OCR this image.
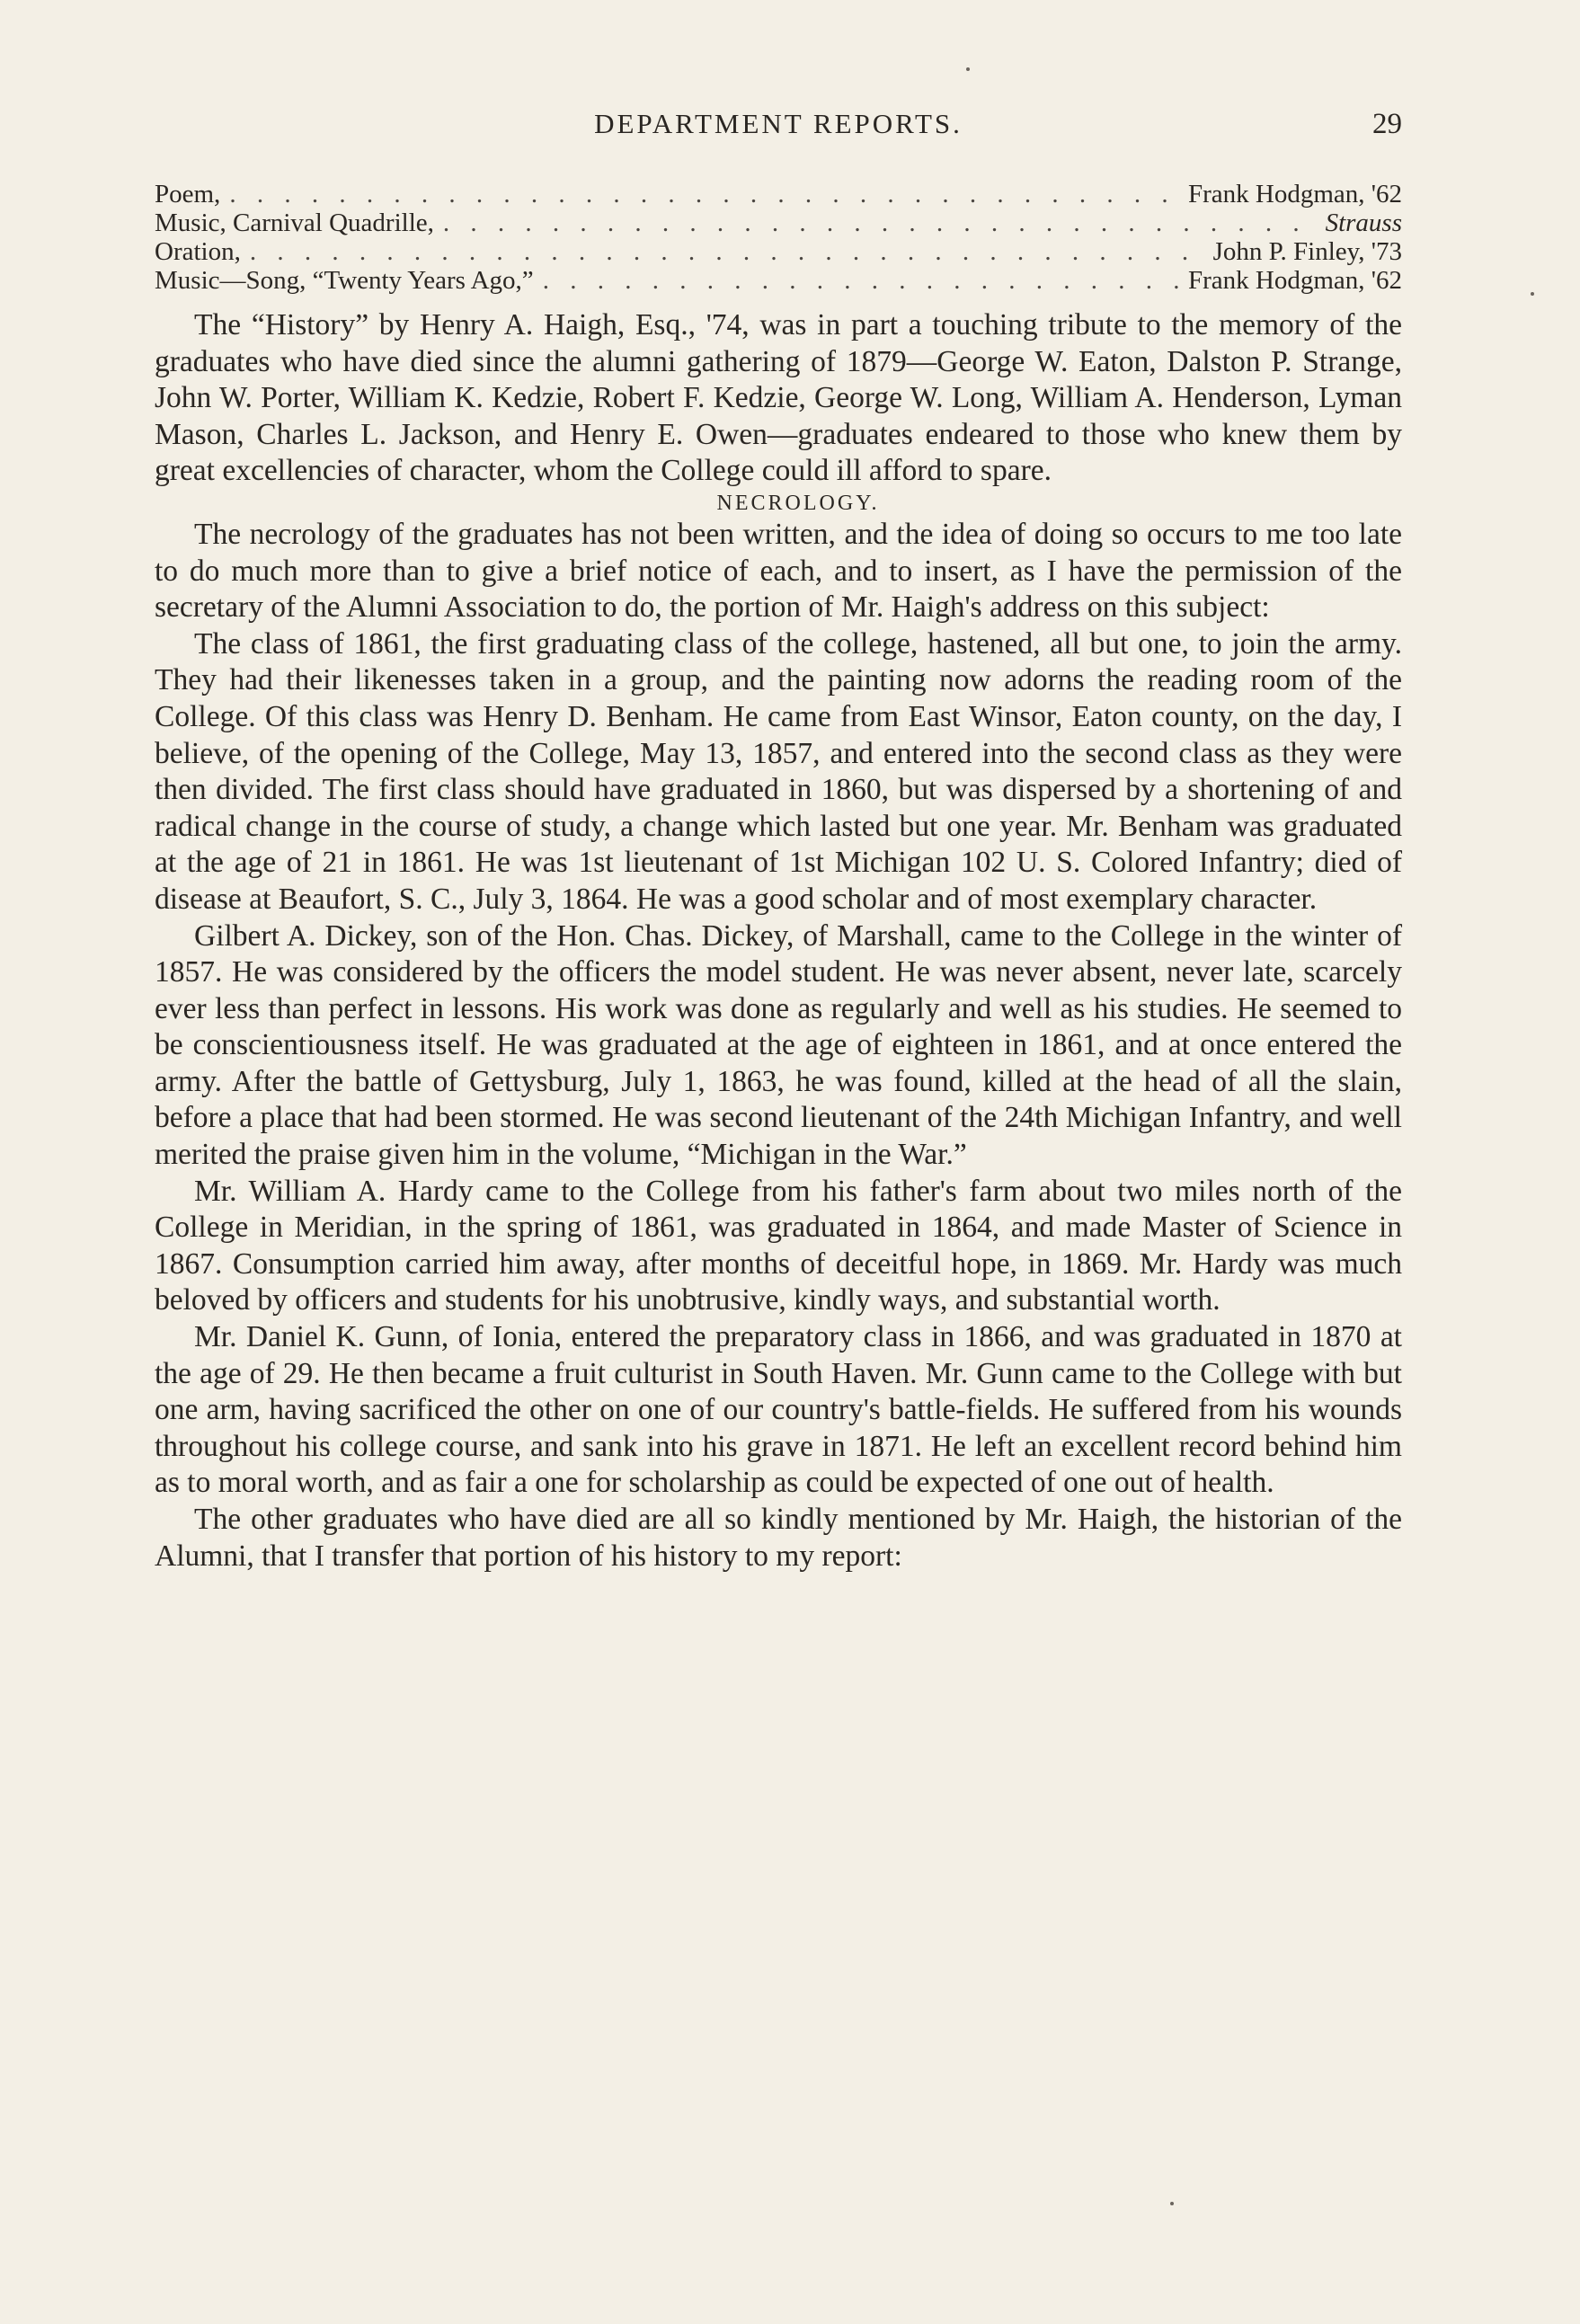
DEPARTMENT REPORTS.	29
Poem, . . .	Frank Hodgman, '62
Music, Carnival Quadrille, . . .	Strauss
Oration, . . .	John P. Finley, '73
Music—Song, “Twenty Years Ago,” . . .	Frank Hodgman, '62

The “History” by Henry A. Haigh, Esq., '74, was in part a touching tribute to the memory of the graduates who have died since the alumni gathering of 1879—George W. Eaton, Dalston P. Strange, John W. Porter, William K. Kedzie, Robert F. Kedzie, George W. Long, William A. Henderson, Lyman Mason, Charles L. Jackson, and Henry E. Owen—graduates endeared to those who knew them by great excellencies of character, whom the College could ill afford to spare.

NECROLOGY.

The necrology of the graduates has not been written, and the idea of doing so occurs to me too late to do much more than to give a brief notice of each, and to insert, as I have the permission of the secretary of the Alumni Association to do, the portion of Mr. Haigh's address on this subject:

The class of 1861, the first graduating class of the college, hastened, all but one, to join the army. They had their likenesses taken in a group, and the painting now adorns the reading room of the College. Of this class was Henry D. Benham. He came from East Winsor, Eaton county, on the day, I believe, of the opening of the College, May 13, 1857, and entered into the second class as they were then divided. The first class should have graduated in 1860, but was dispersed by a shortening of and radical change in the course of study, a change which lasted but one year. Mr. Benham was graduated at the age of 21 in 1861. He was 1st lieutenant of 1st Michigan 102 U. S. Colored Infantry; died of disease at Beaufort, S. C., July 3, 1864. He was a good scholar and of most exemplary character.

Gilbert A. Dickey, son of the Hon. Chas. Dickey, of Marshall, came to the College in the winter of 1857. He was considered by the officers the model student. He was never absent, never late, scarcely ever less than perfect in lessons. His work was done as regularly and well as his studies. He seemed to be conscientiousness itself. He was graduated at the age of eighteen in 1861, and at once entered the army. After the battle of Gettysburg, July 1, 1863, he was found, killed at the head of all the slain, before a place that had been stormed. He was second lieutenant of the 24th Michigan Infantry, and well merited the praise given him in the volume, “Michigan in the War.”

Mr. William A. Hardy came to the College from his father's farm about two miles north of the College in Meridian, in the spring of 1861, was graduated in 1864, and made Master of Science in 1867. Consumption carried him away, after months of deceitful hope, in 1869. Mr. Hardy was much beloved by officers and students for his unobtrusive, kindly ways, and substantial worth.

Mr. Daniel K. Gunn, of Ionia, entered the preparatory class in 1866, and was graduated in 1870 at the age of 29. He then became a fruit culturist in South Haven. Mr. Gunn came to the College with but one arm, having sacrificed the other on one of our country's battle-fields. He suffered from his wounds throughout his college course, and sank into his grave in 1871. He left an excellent record behind him as to moral worth, and as fair a one for scholarship as could be expected of one out of health.

The other graduates who have died are all so kindly mentioned by Mr. Haigh, the historian of the Alumni, that I transfer that portion of his history to my report:
